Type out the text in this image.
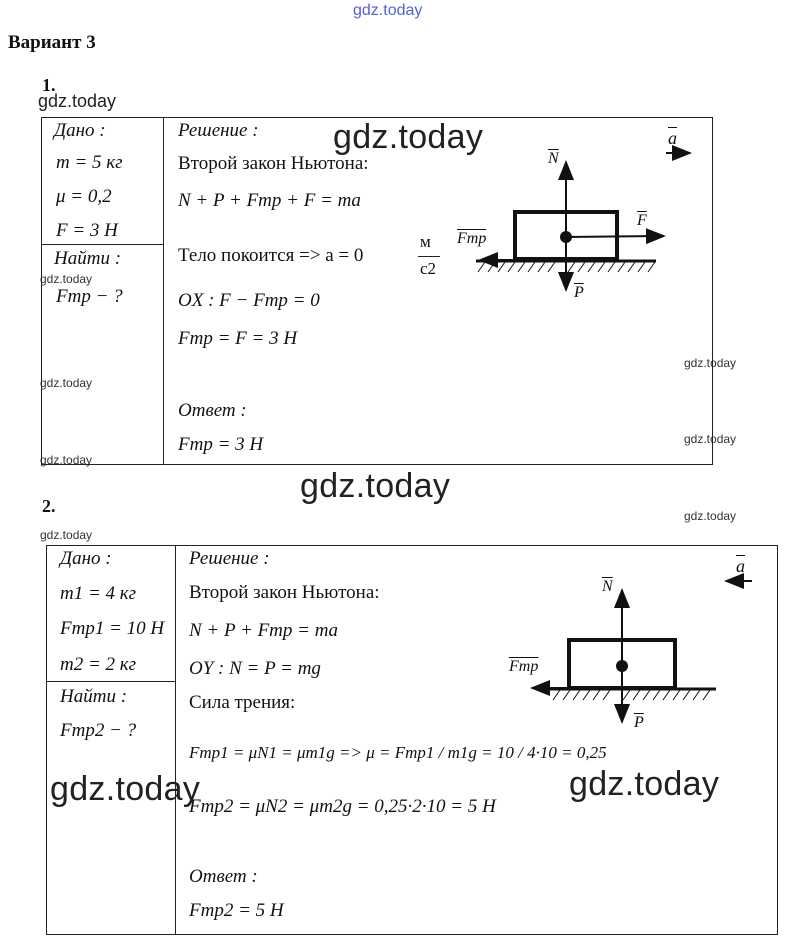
gdz.today
gdz.today
gdz.today
gdz.today
gdz.today
gdz.today
gdz.today
gdz.today
gdz.today
gdz.today
gdz.today
Вариант 3
1.
Дано :
m = 5 кг
μ = 0,2
F = 3 H
Найти :
Fтр − ?
Решение :
Второй закон Ньютона:
N + P + Fтр + F = ma
Тело покоится => a = 0
м
с2
OX : F − Fтр = 0
Fтр = F = 3 H
Ответ :
Fтр = 3 H
$\overline{a}$
$\overline{N}$
$\overline{F}$
Fтр
$\overline{P}$
2.
Дано :
m1 = 4 кг
Fтр1 = 10 H
m2 = 2 кг
Найти :
Fтр2 − ?
Решение :
Второй закон Ньютона:
N + P + Fтр = ma
OY : N = P = mg
Сила трения:
Fтр1 = μN1 = μm1g => μ = Fтр1 / m1g = 10 / 4·10 = 0,25
Fтр2 = μN2 = μm2g = 0,25·2·10 = 5 H
Ответ :
Fтр2 = 5 H
$\overline{a}$
$\overline{N}$
Fтр
$\overline{P}$
gdz.today	gdz.today
